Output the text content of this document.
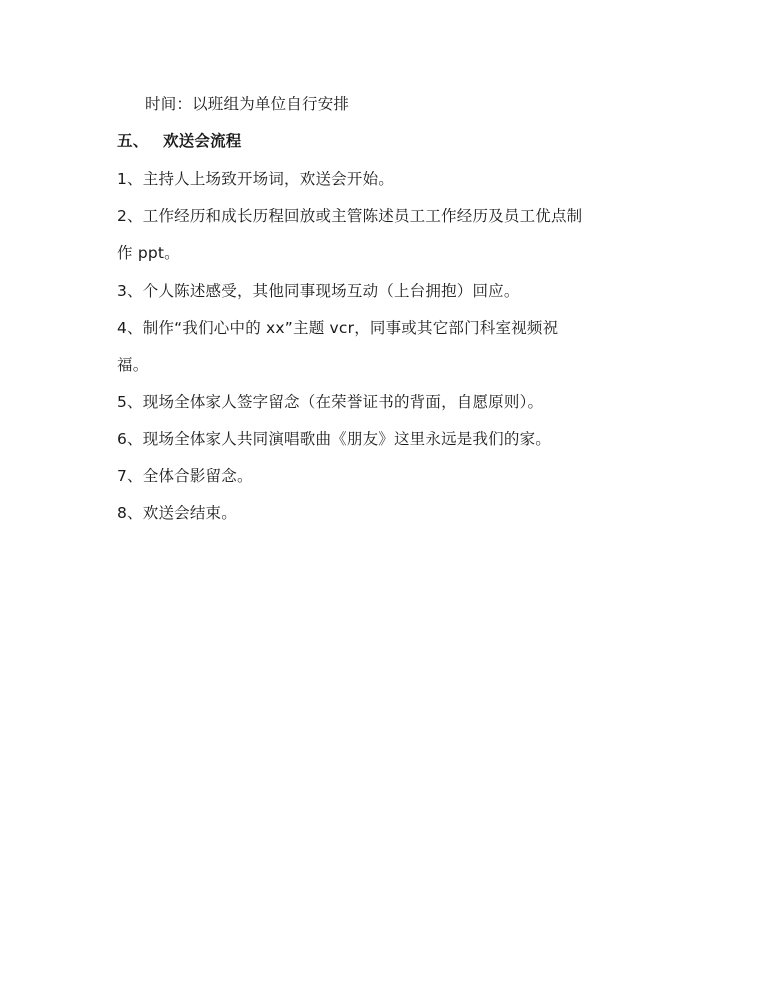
时间：以班组为单位自行安排
五、 欢送会流程
1、主持人上场致开场词，欢送会开始。
2、工作经历和成长历程回放或主管陈述员工工作经历及员工优点制
作 ppt。
3、个人陈述感受，其他同事现场互动（上台拥抱）回应。
4、制作“我们心中的 xx”主题 vcr，同事或其它部门科室视频祝
福。
5、现场全体家人签字留念（在荣誉证书的背面，自愿原则）。
6、现场全体家人共同演唱歌曲《朋友》这里永远是我们的家。
7、全体合影留念。
8、欢送会结束。
